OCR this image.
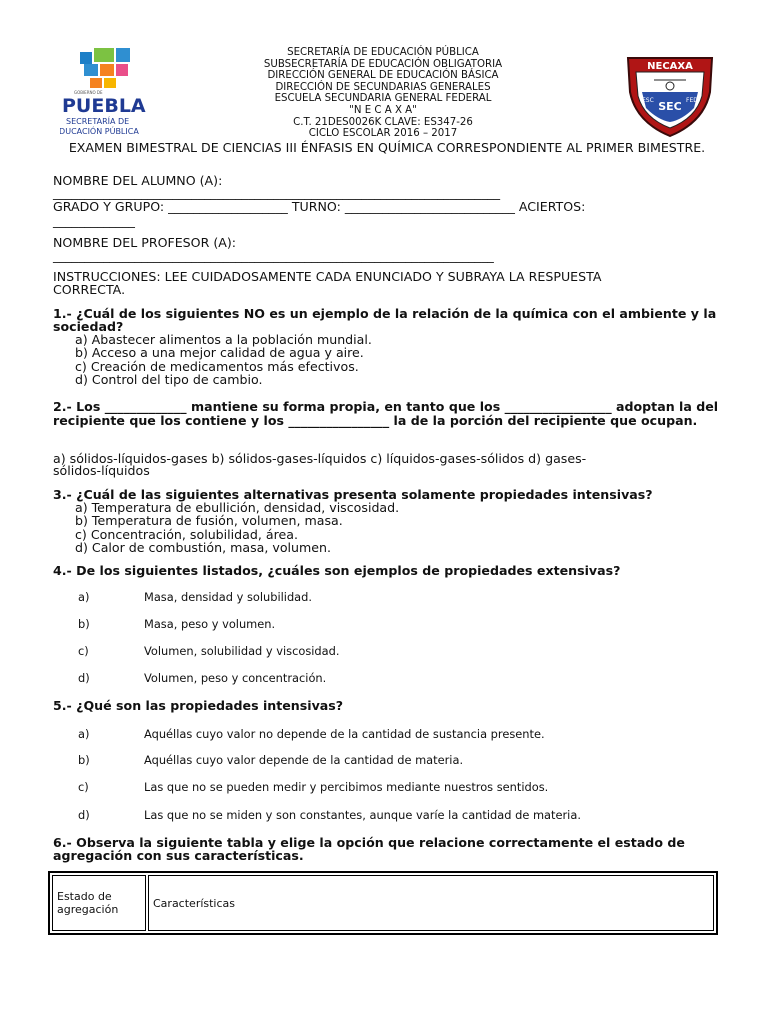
GOBIERNO DE
PUEBLA
SECRETARÍA DE
EDUCACIÓN PÚBLICA
SECRETARÍA DE EDUCACIÓN PÚBLICA
SUBSECRETARÍA DE EDUCACIÓN OBLIGATORIA
DIRECCIÓN GENERAL DE EDUCACIÓN BÁSICA
DIRECCIÓN DE SECUNDARIAS GENERALES
ESCUELA SECUNDARIA GENERAL FEDERAL
"N E C A X A"
C.T. 21DES0026K CLAVE: ES347-26
CICLO ESCOLAR 2016 – 2017
NECAXA
ESC	FED
SEC
EXAMEN BIMESTRAL DE CIENCIAS III ÉNFASIS EN QUÍMICA CORRESPONDIENTE AL PRIMER BIMESTRE.
NOMBRE DEL ALUMNO (A):
_______________________________________________________________________
GRADO Y GRUPO: ___________________ TURNO: ___________________________ ACIERTOS:
_____________
NOMBRE DEL PROFESOR (A):
______________________________________________________________________
INSTRUCCIONES: LEE CUIDADOSAMENTE CADA ENUNCIADO Y SUBRAYA LA RESPUESTA CORRECTA.
1.- ¿Cuál de los siguientes NO es un ejemplo de la relación de la química con el ambiente y la sociedad?
a) Abastecer alimentos a la población mundial.
b) Acceso a una mejor calidad de agua y aire.
c) Creación de medicamentos más efectivos.
d) Control del tipo de cambio.
2.- Los _____________ mantiene su forma propia, en tanto que los _________________ adoptan la del recipiente que los contiene y los ________________ la de la porción del recipiente que ocupan.
a) sólidos-líquidos-gases b) sólidos-gases-líquidos c) líquidos-gases-sólidos d) gases-
sólidos-líquidos
3.- ¿Cuál de las siguientes alternativas presenta solamente propiedades intensivas?
a) Temperatura de ebullición, densidad, viscosidad.
b) Temperatura de fusión, volumen, masa.
c) Concentración, solubilidad, área.
d) Calor de combustión, masa, volumen.
4.- De los siguientes listados, ¿cuáles son ejemplos de propiedades extensivas?
a)	Masa, densidad y solubilidad.
b)	Masa, peso y volumen.
c)	Volumen, solubilidad y viscosidad.
d)	Volumen, peso y concentración.
5.- ¿Qué son las propiedades intensivas?
a)	Aquéllas cuyo valor no depende de la cantidad de sustancia presente.
b)	Aquéllas cuyo valor depende de la cantidad de materia.
c)	Las que no se pueden medir y percibimos mediante nuestros sentidos.
d)	Las que no se miden y son constantes, aunque varíe la cantidad de materia.
6.- Observa la siguiente tabla y elige la opción que relacione correctamente el estado de agregación con sus características.
Estado de agregación	Características
